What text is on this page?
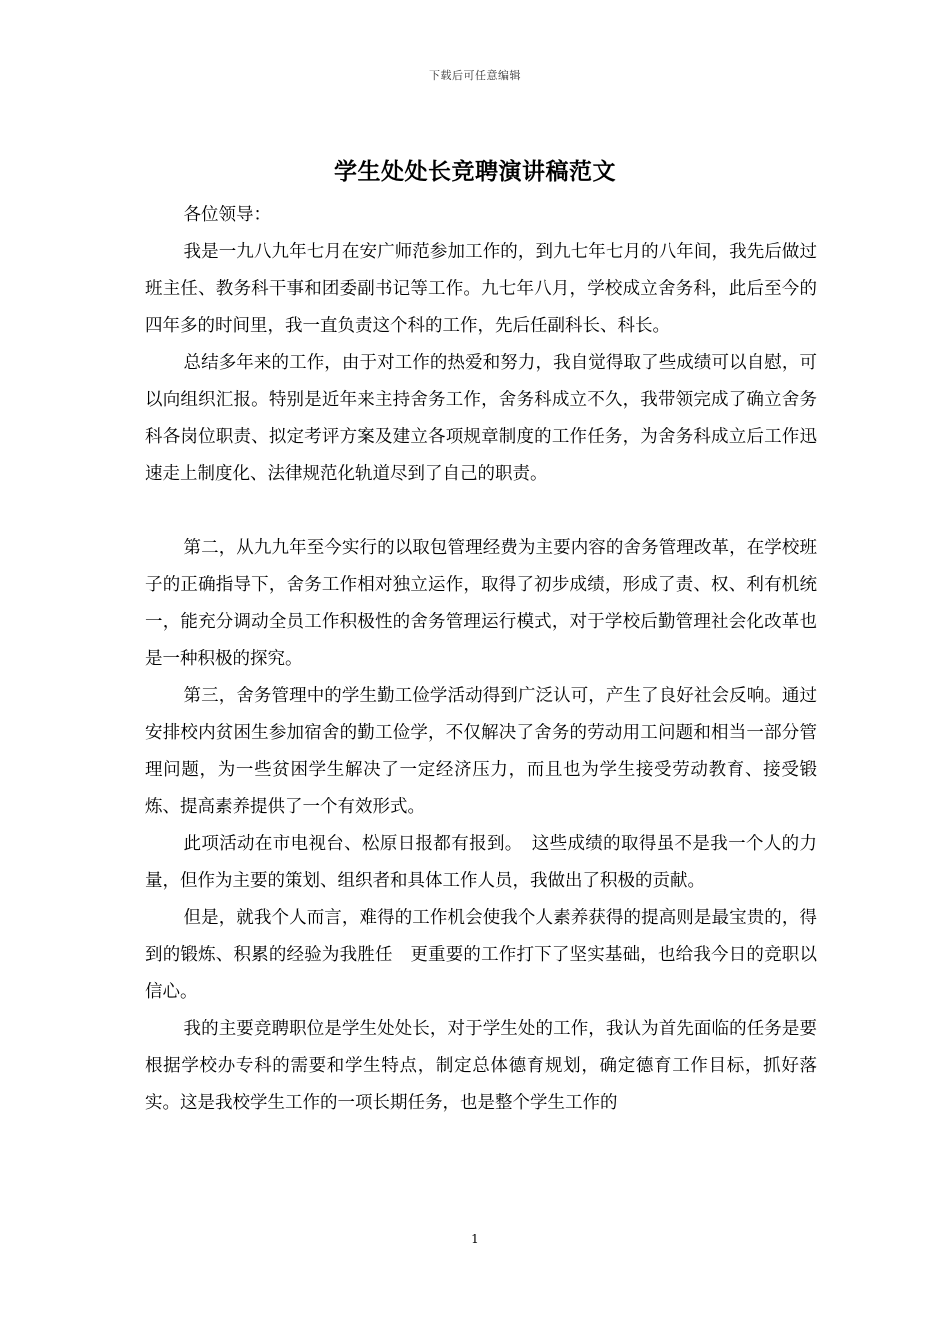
下载后可任意编辑
学生处处长竞聘演讲稿范文

各位领导：

我是一九八九年七月在安广师范参加工作的，到九七年七月的八年间，我先后做过班主任、教务科干事和团委副书记等工作。九七年八月，学校成立舍务科，此后至今的四年多的时间里，我一直负责这个科的工作，先后任副科长、科长。

总结多年来的工作，由于对工作的热爱和努力，我自觉得取了些成绩可以自慰，可以向组织汇报。特别是近年来主持舍务工作，舍务科成立不久，我带领完成了确立舍务科各岗位职责、拟定考评方案及建立各项规章制度的工作任务，为舍务科成立后工作迅速走上制度化、法律规范化轨道尽到了自己的职责。

第二，从九九年至今实行的以取包管理经费为主要内容的舍务管理改革，在学校班子的正确指导下，舍务工作相对独立运作，取得了初步成绩，形成了责、权、利有机统一，能充分调动全员工作积极性的舍务管理运行模式，对于学校后勤管理社会化改革也是一种积极的探究。

第三，舍务管理中的学生勤工俭学活动得到广泛认可，产生了良好社会反响。通过安排校内贫困生参加宿舍的勤工俭学，不仅解决了舍务的劳动用工问题和相当一部分管理问题，为一些贫困学生解决了一定经济压力，而且也为学生接受劳动教育、接受锻炼、提高素养提供了一个有效形式。

此项活动在市电视台、松原日报都有报到。　这些成绩的取得虽不是我一个人的力量，但作为主要的策划、组织者和具体工作人员，我做出了积极的贡献。

但是，就我个人而言，难得的工作机会使我个人素养获得的提高则是最宝贵的，得到的锻炼、积累的经验为我胜任　更重要的工作打下了坚实基础，也给我今日的竞职以信心。

我的主要竞聘职位是学生处处长，对于学生处的工作，我认为首先面临的任务是要根据学校办专科的需要和学生特点，制定总体德育规划，确定德育工作目标，抓好落实。这是我校学生工作的一项长期任务，也是整个学生工作的

1
